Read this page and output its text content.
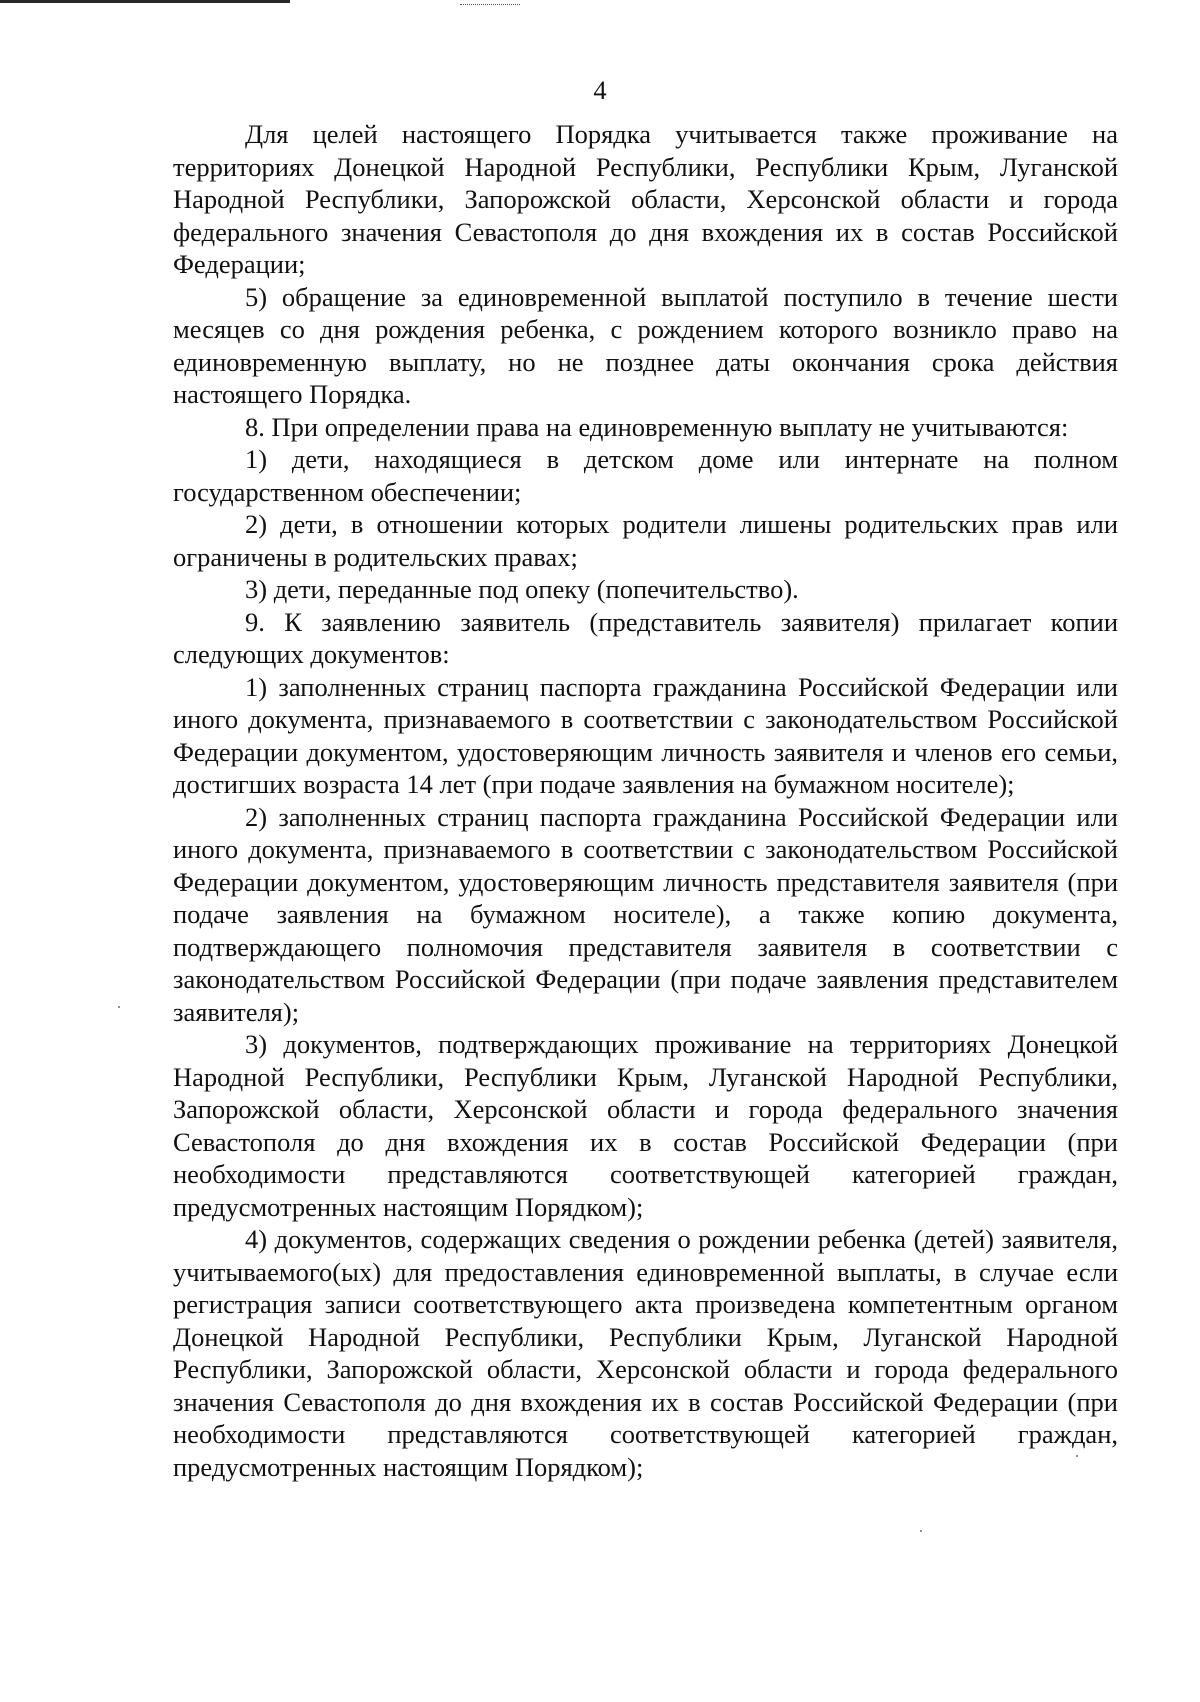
4

Для целей настоящего Порядка учитывается также проживание на территориях Донецкой Народной Республики, Республики Крым, Луганской Народной Республики, Запорожской области, Херсонской области и города федерального значения Севастополя до дня вхождения их в состав Российской Федерации;

5) обращение за единовременной выплатой поступило в течение шести месяцев со дня рождения ребенка, с рождением которого возникло право на единовременную выплату, но не позднее даты окончания срока действия настоящего Порядка.

8. При определении права на единовременную выплату не учитываются:

1) дети, находящиеся в детском доме или интернате на полном государственном обеспечении;

2) дети, в отношении которых родители лишены родительских прав или ограничены в родительских правах;

3) дети, переданные под опеку (попечительство).

9. К заявлению заявитель (представитель заявителя) прилагает копии следующих документов:

1) заполненных страниц паспорта гражданина Российской Федерации или иного документа, признаваемого в соответствии с законодательством Российской Федерации документом, удостоверяющим личность заявителя и членов его семьи, достигших возраста 14 лет (при подаче заявления на бумажном носителе);

2) заполненных страниц паспорта гражданина Российской Федерации или иного документа, признаваемого в соответствии с законодательством Российской Федерации документом, удостоверяющим личность представителя заявителя (при подаче заявления на бумажном носителе), а также копию документа, подтверждающего полномочия представителя заявителя в соответствии с законодательством Российской Федерации (при подаче заявления представителем заявителя);

3) документов, подтверждающих проживание на территориях Донецкой Народной Республики, Республики Крым, Луганской Народной Республики, Запорожской области, Херсонской области и города федерального значения Севастополя до дня вхождения их в состав Российской Федерации (при необходимости представляются соответствующей категорией граждан, предусмотренных настоящим Порядком);

4) документов, содержащих сведения о рождении ребенка (детей) заявителя, учитываемого(ых) для предоставления единовременной выплаты, в случае если регистрация записи соответствующего акта произведена компетентным органом Донецкой Народной Республики, Республики Крым, Луганской Народной Республики, Запорожской области, Херсонской области и города федерального значения Севастополя до дня вхождения их в состав Российской Федерации (при необходимости представляются соответствующей категорией граждан, предусмотренных настоящим Порядком);
